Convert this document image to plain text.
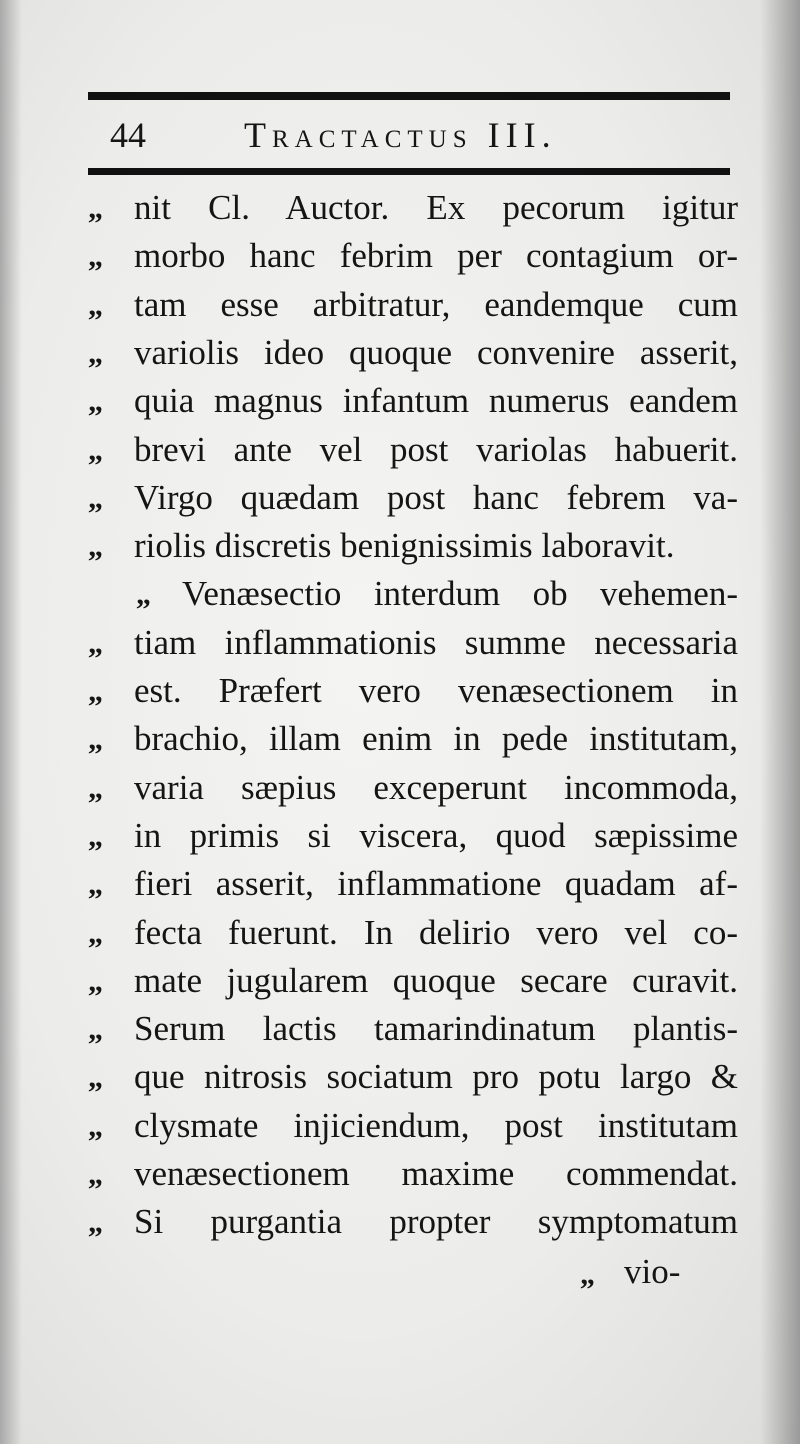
44	Tractactus III.
„ nit Cl. Auctor. Ex pecorum igitur
„ morbo hanc febrim per contagium or-
„ tam esse arbitratur, eandemque cum
„ variolis ideo quoque convenire asserit,
„ quia magnus infantum numerus eandem
„ brevi ante vel post variolas habuerit.
„ Virgo quædam post hanc febrem va-
„ riolis discretis benignissimis laboravit.
„ Venæsectio interdum ob vehemen-
„ tiam inflammationis summe necessaria
„ est. Præfert vero venæsectionem in
„ brachio, illam enim in pede institutam,
„ varia sæpius exceperunt incommoda,
„ in primis si viscera, quod sæpissime
„ fieri asserit, inflammatione quadam af-
„ fecta fuerunt. In delirio vero vel co-
„ mate jugularem quoque secare curavit.
„ Serum lactis tamarindinatum plantis-
„ que nitrosis sociatum pro potu largo &
„ clysmate injiciendum, post institutam
„ venæsectionem maxime commendat.
„ Si purgantia propter symptomatum
„ vio-
